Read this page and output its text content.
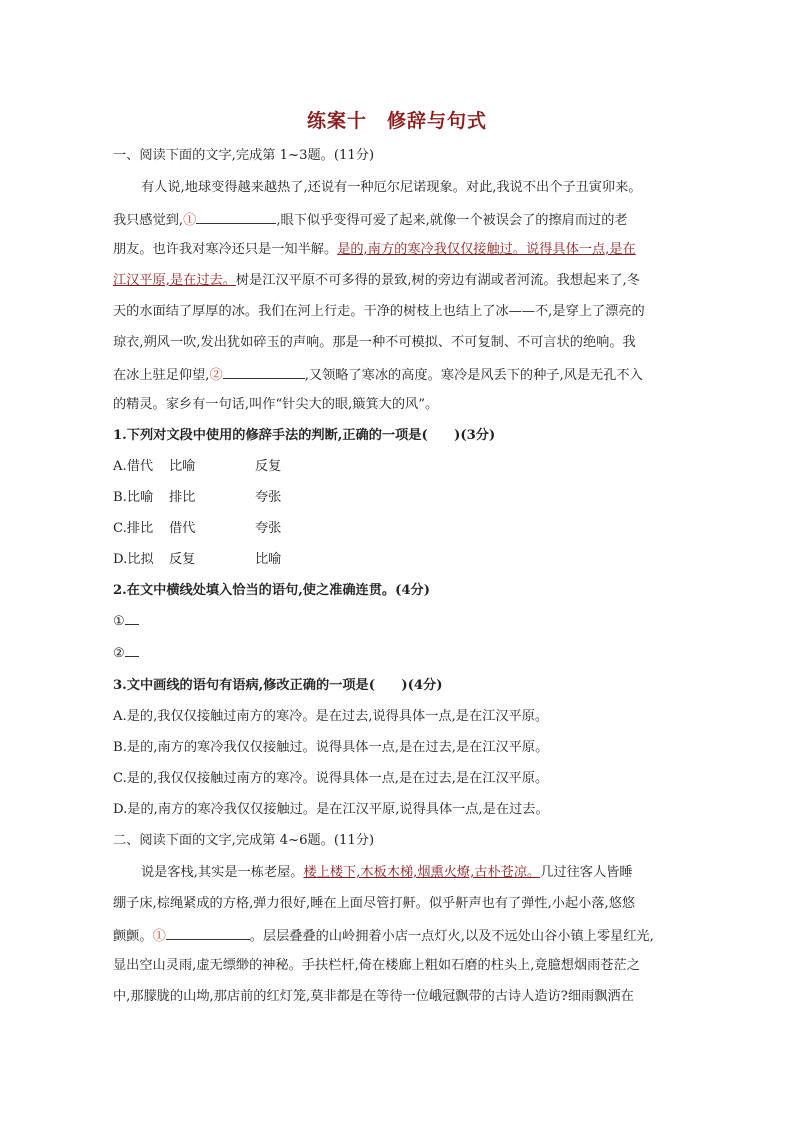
练案十　修辞与句式
一、阅读下面的文字,完成第 1~3题。(11分)
有人说,地球变得越来越热了,还说有一种厄尔尼诺现象。对此,我说不出个子丑寅卯来。
我只感觉到,①	,眼下似乎变得可爱了起来,就像一个被误会了的擦肩而过的老
朋友。也许我对寒冷还只是一知半解。是的,南方的寒冷我仅仅接触过。说得具体一点,是在
江汉平原,是在过去。树是江汉平原不可多得的景致,树的旁边有湖或者河流。我想起来了,冬
天的水面结了厚厚的冰。我们在河上行走。干净的树枝上也结上了冰——不,是穿上了漂亮的
琼衣,朔风一吹,发出犹如碎玉的声响。那是一种不可模拟、不可复制、不可言状的绝响。我
在冰上驻足仰望,②	,又领略了寒冰的高度。寒冷是风丢下的种子,风是无孔不入
的精灵。家乡有一句话,叫作“针尖大的眼,簸箕大的风”。
1.下列对文段中使用的修辞手法的判断,正确的一项是(　　)(3分)
A.借代 比喻	反复
B.比喻 排比	夸张
C.排比 借代	夸张
D.比拟 反复	比喻
2.在文中横线处填入恰当的语句,使之准确连贯。(4分)
①
②
3.文中画线的语句有语病,修改正确的一项是(　　)(4分)
A.是的,我仅仅接触过南方的寒冷。是在过去,说得具体一点,是在江汉平原。
B.是的,南方的寒冷我仅仅接触过。说得具体一点,是在过去,是在江汉平原。
C.是的,我仅仅接触过南方的寒冷。说得具体一点,是在过去,是在江汉平原。
D.是的,南方的寒冷我仅仅接触过。是在江汉平原,说得具体一点,是在过去。
二、阅读下面的文字,完成第 4~6题。(11分)
说是客栈,其实是一栋老屋。楼上楼下,木板木梯,烟熏火燎,古朴苍凉。几过往客人皆睡
绷子床,棕绳紧成的方格,弹力很好,睡在上面尽管打鼾。似乎鼾声也有了弹性,小起小落,悠悠
颤颤。①	。层层叠叠的山岭拥着小店一点灯火,以及不远处山谷小镇上零星红光,
显出空山灵雨,虚无缥缈的神秘。手扶栏杆,倚在楼廊上粗如石磨的柱头上,竟臆想烟雨苍茫之
中,那朦胧的山坳,那店前的红灯笼,莫非都是在等待一位峨冠飘带的古诗人造访?细雨飘洒在
